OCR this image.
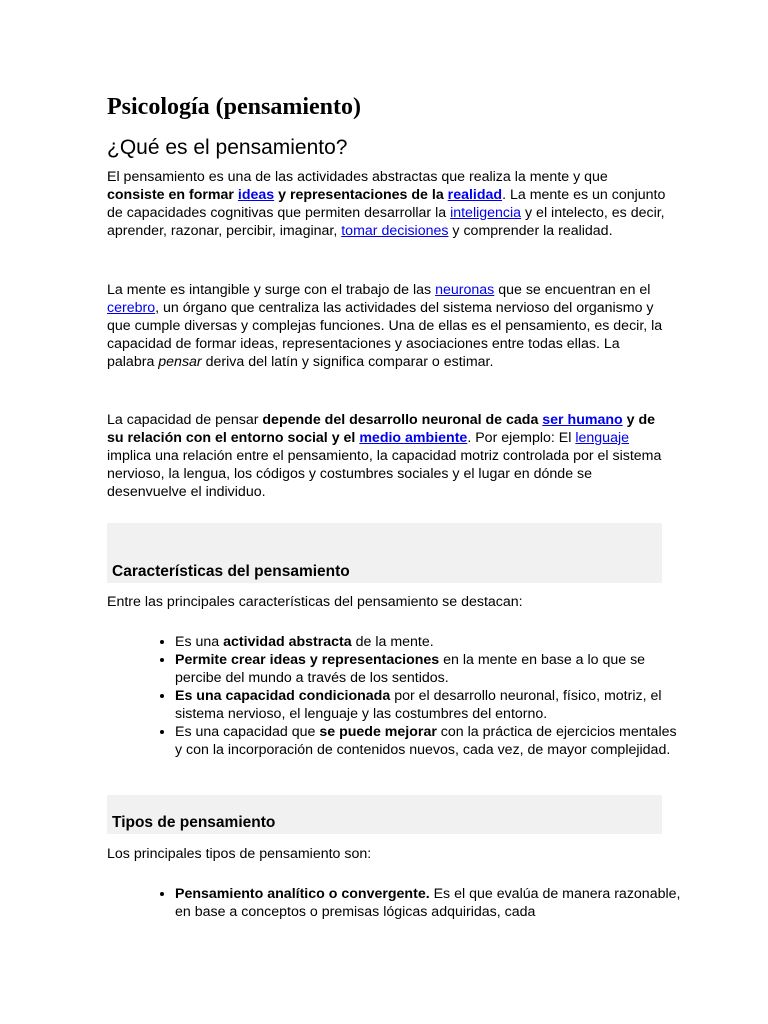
Psicología (pensamiento)
¿Qué es el pensamiento?

El pensamiento es una de las actividades abstractas que realiza la mente y que consiste en formar ideas y representaciones de la realidad. La mente es un conjunto de capacidades cognitivas que permiten desarrollar la inteligencia y el intelecto, es decir, aprender, razonar, percibir, imaginar, tomar decisiones y comprender la realidad.

La mente es intangible y surge con el trabajo de las neuronas que se encuentran en el cerebro, un órgano que centraliza las actividades del sistema nervioso del organismo y que cumple diversas y complejas funciones. Una de ellas es el pensamiento, es decir, la capacidad de formar ideas, representaciones y asociaciones entre todas ellas. La palabra pensar deriva del latín y significa comparar o estimar.

La capacidad de pensar depende del desarrollo neuronal de cada ser humano y de su relación con el entorno social y el medio ambiente. Por ejemplo: El lenguaje implica una relación entre el pensamiento, la capacidad motriz controlada por el sistema nervioso, la lengua, los códigos y costumbres sociales y el lugar en dónde se desenvuelve el individuo.

Características del pensamiento

Entre las principales características del pensamiento se destacan:

• Es una actividad abstracta de la mente.
• Permite crear ideas y representaciones en la mente en base a lo que se percibe del mundo a través de los sentidos.
• Es una capacidad condicionada por el desarrollo neuronal, físico, motriz, el sistema nervioso, el lenguaje y las costumbres del entorno.
• Es una capacidad que se puede mejorar con la práctica de ejercicios mentales y con la incorporación de contenidos nuevos, cada vez, de mayor complejidad.
Tipos de pensamiento

Los principales tipos de pensamiento son:

• Pensamiento analítico o convergente. Es el que evalúa de manera razonable, en base a conceptos o premisas lógicas adquiridas, cada
